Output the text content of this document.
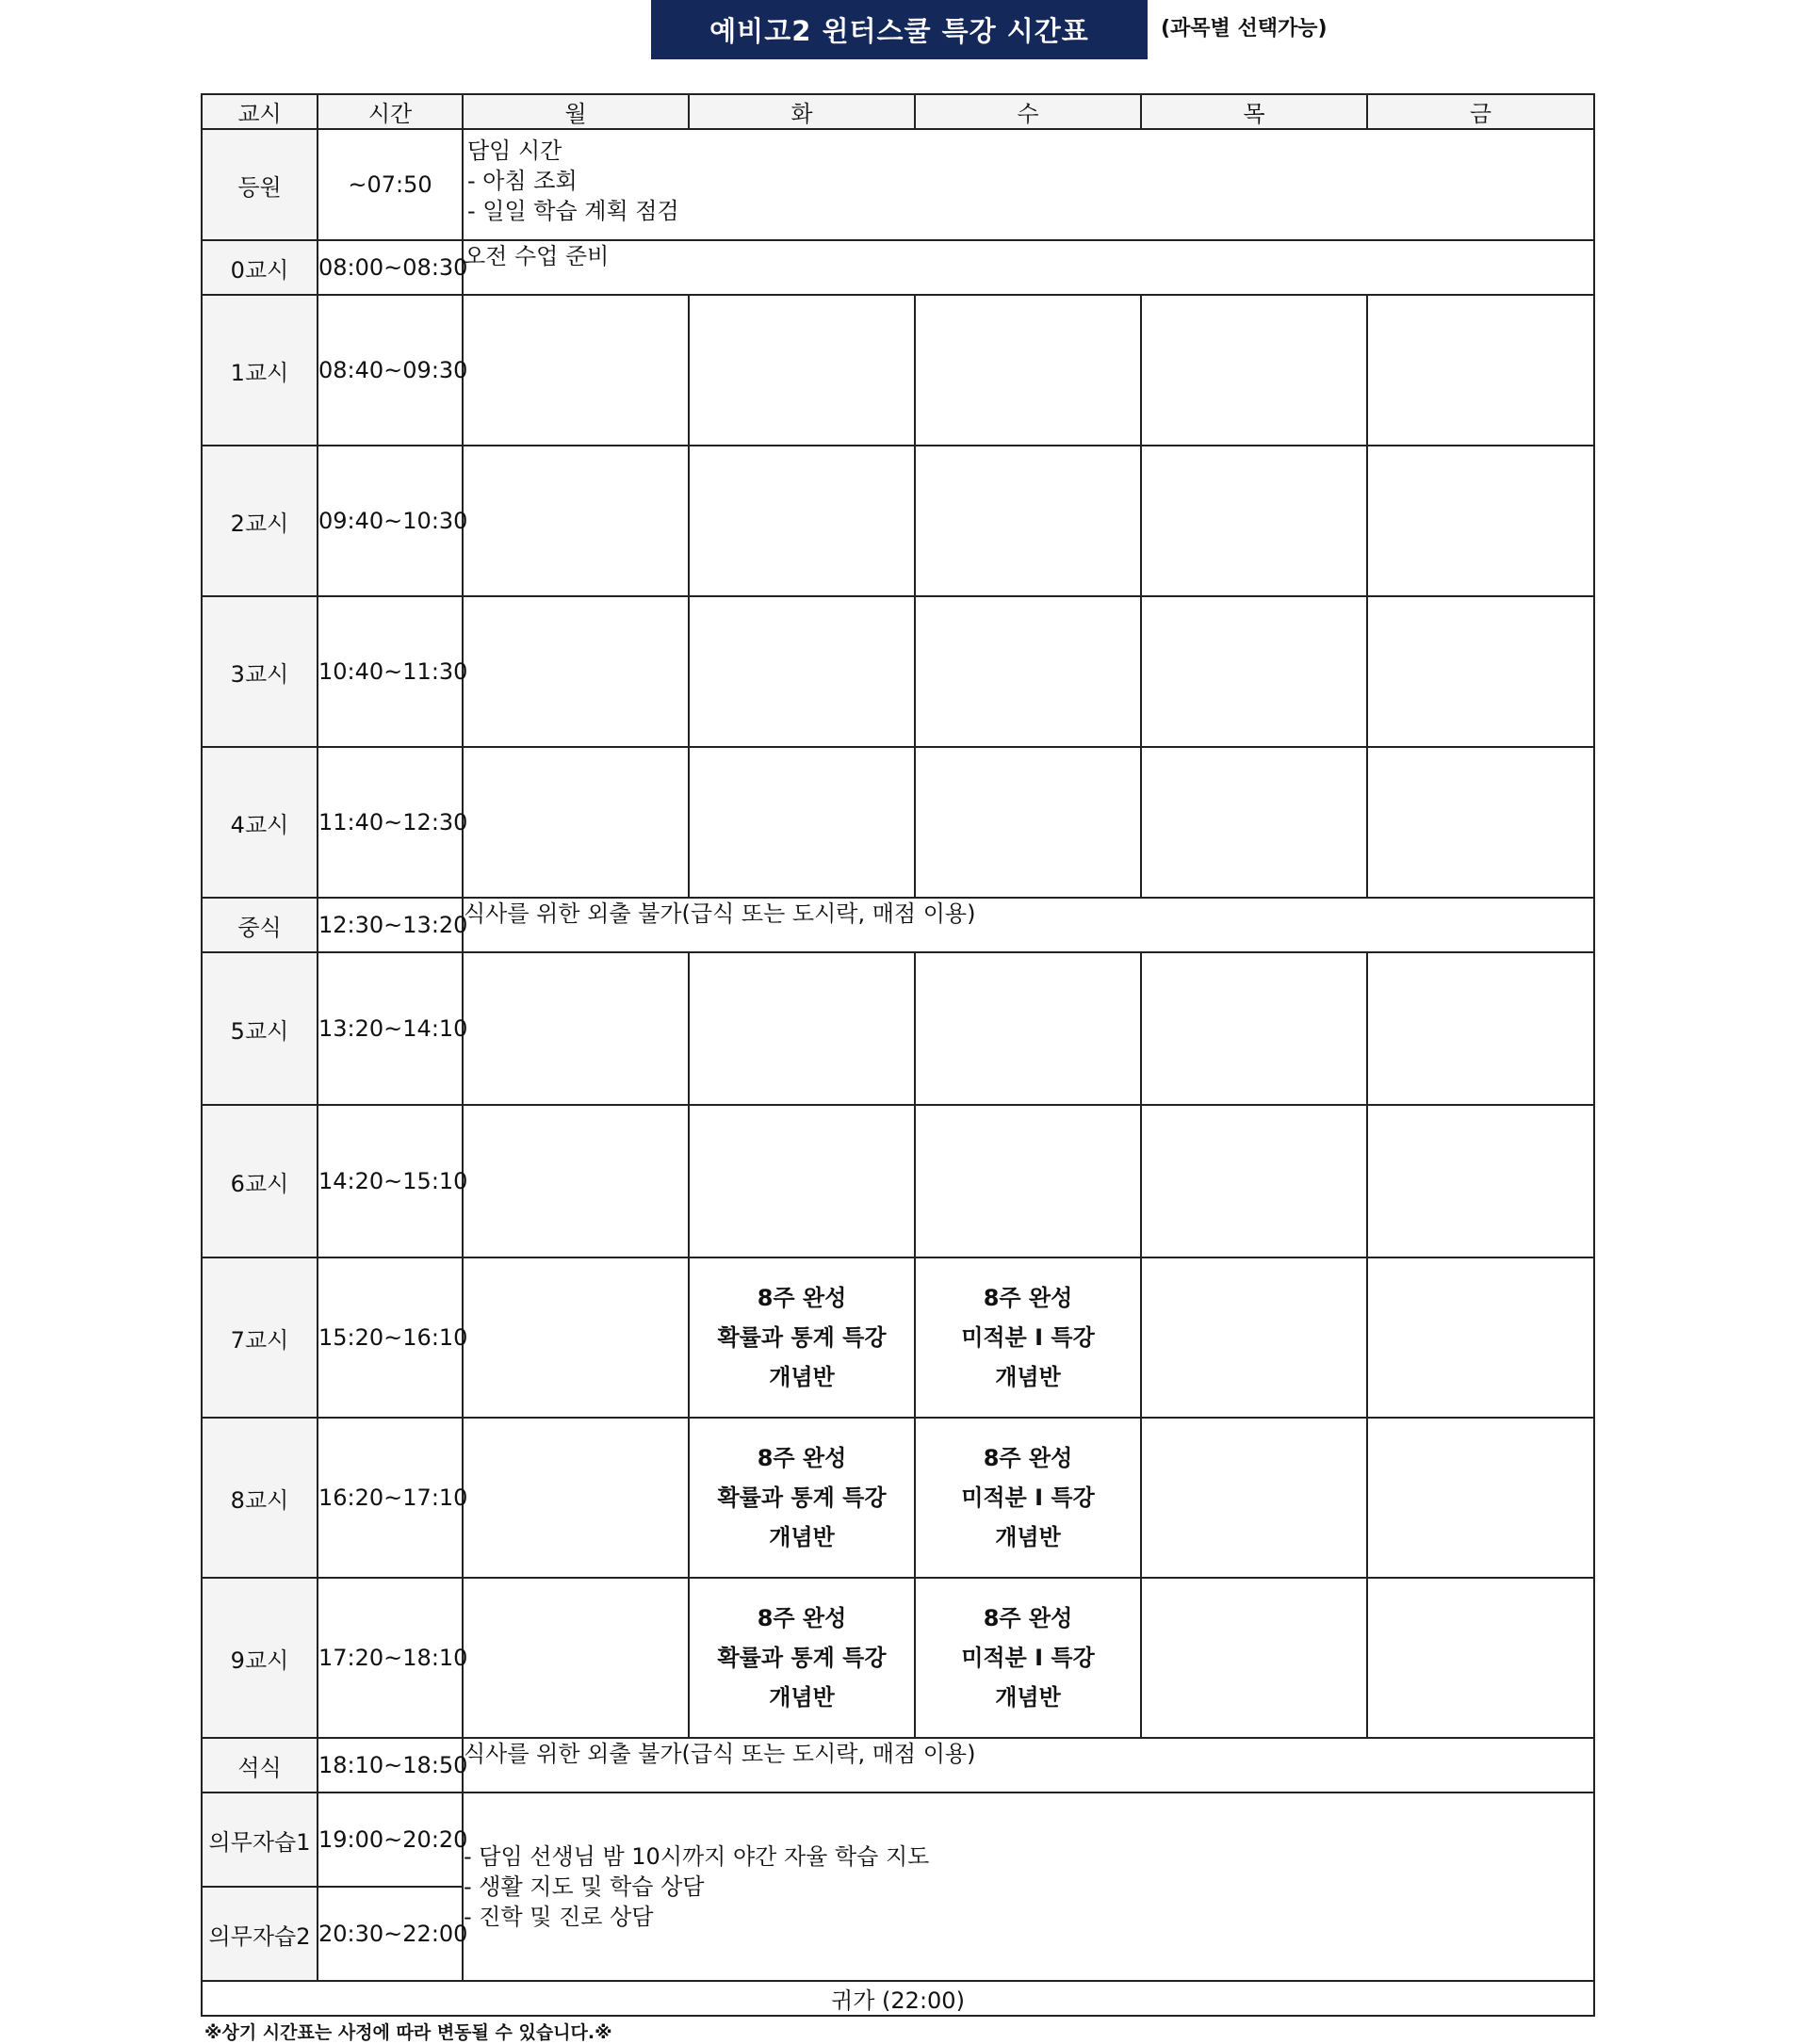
예비고2 윈터스쿨 특강 시간표	(과목별 선택가능)
교시	시간	월	화	수	목	금
등원	~07:50	담임 시간
- 아침 조회
- 일일 학습 계획 점검				

0교시	08:00~08:30	오전 수업 준비				
1교시	08:40~09:30					
2교시	09:40~10:30					
3교시	10:40~11:30					
4교시	11:40~12:30					
중식	12:30~13:20	식사를 위한 외출 불가(급식 또는 도시락, 매점 이용)				
5교시	13:20~14:10					
6교시	14:20~15:10					
7교시	15:20~16:10		8주 완성
확률과 통계 특강
개념반	8주 완성
미적분 I 특강
개념반		

8교시	16:20~17:10		8주 완성
확률과 통계 특강
개념반	8주 완성
미적분 I 특강
개념반		

9교시	17:20~18:10		8주 완성
확률과 통계 특강
개념반	8주 완성
미적분 I 특강
개념반		

석식	18:10~18:50	식사를 위한 외출 불가(급식 또는 도시락, 매점 이용)				
의무자습1	19:00~20:20	- 담임 선생님 밤 10시까지 야간 자율 학습 지도
- 생활 지도 및 학습 상담
- 진학 및 진로 상담				

의무자습2	20:30~22:00					
귀가 (22:00)						
※상기 시간표는 사정에 따라 변동될 수 있습니다.※
